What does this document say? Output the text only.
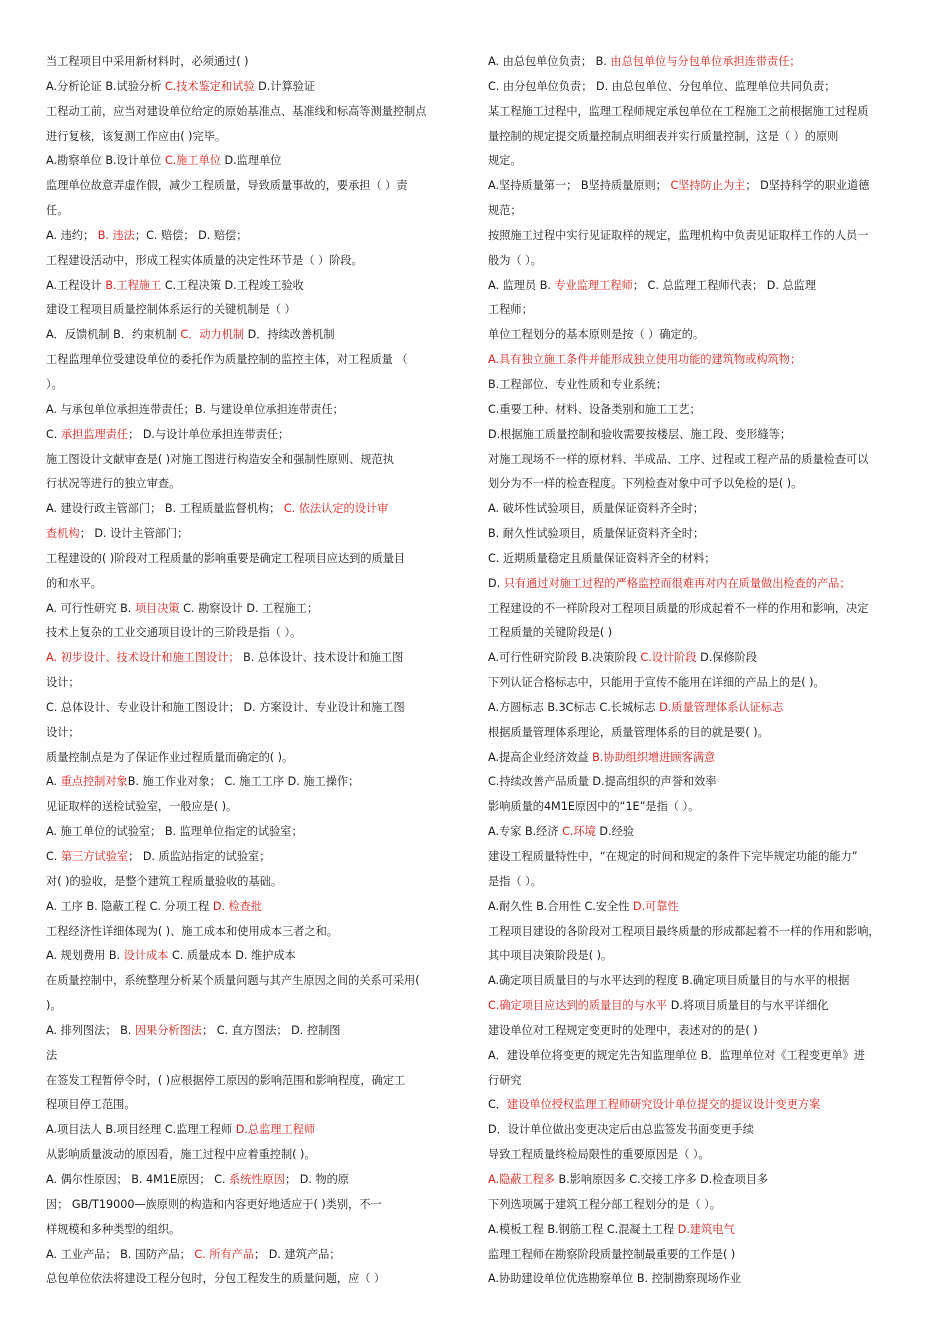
当工程项目中采用新材料时，必须通过( )
A.分析论证 B.试验分析 C.技术鉴定和试验 D.计算验证
工程动工前，应当对建设单位给定的原始基准点、基准线和标高等测量控制点
进行复核，该复测工作应由( )完毕。
A.勘察单位 B.设计单位 C.施工单位 D.监理单位
监理单位故意弄虚作假，减少工程质量，导致质量事故的，要承担（ ）责
任。
A. 违约； B. 违法；C. 赔偿； D. 赔偿；
工程建设活动中，形成工程实体质量的决定性环节是（ ）阶段。
A.工程设计 B.工程施工 C.工程决策 D.工程竣工验收
建设工程项目质量控制体系运行的关键机制是（ ）
A．反馈机制 B．约束机制 C．动力机制 D．持续改善机制
工程监理单位受建设单位的委托作为质量控制的监控主体，对工程质量 （
）。
A. 与承包单位承担连带责任；B. 与建设单位承担连带责任；
C. 承担监理责任； D.与设计单位承担连带责任；
施工图设计文献审查是( )对施工图进行构造安全和强制性原则、规范执
行状况等进行的独立审查。
A. 建设行政主管部门； B. 工程质量监督机构； C. 依法认定的设计审
查机构； D. 设计主管部门；
工程建设的( )阶段对工程质量的影响重要是确定工程项目应达到的质量目
的和水平。
A. 可行性研究 B. 项目决策 C. 勘察设计 D. 工程施工；
技术上复杂的工业交通项目设计的三阶段是指（ ）。
A. 初步设计、技术设计和施工图设计； B. 总体设计、技术设计和施工图
设计；
C. 总体设计、专业设计和施工图设计； D. 方案设计、专业设计和施工图
设计；
质量控制点是为了保证作业过程质量而确定的( )。
A. 重点控制对象B. 施工作业对象； C. 施工工序 D. 施工操作；
见证取样的送检试验室，一般应是( )。
A. 施工单位的试验室； B. 监理单位指定的试验室；
C. 第三方试验室； D. 质监站指定的试验室；
对( )的验收，是整个建筑工程质量验收的基础。
A. 工序 B. 隐蔽工程 C. 分项工程 D. 检查批
工程经济性详细体现为( )、施工成本和使用成本三者之和。
A. 规划费用 B. 设计成本 C. 质量成本 D. 维护成本
在质量控制中，系统整理分析某个质量问题与其产生原因之间的关系可采用(
)。
A. 排列图法； B. 因果分析图法； C. 直方图法； D. 控制图
法
在签发工程暂停令时，( )应根据停工原因的影响范围和影响程度，确定工
程项目停工范围。
A.项目法人 B.项目经理 C.监理工程师 D.总监理工程师
从影响质量波动的原因看，施工过程中应着重控制( )。
A. 偶尔性原因； B. 4M1E原因； C. 系统性原因； D. 物的原
因； GB/T19000—族原则的构造和内容更好地适应于( )类别，不一
样规模和多种类型的组织。
A. 工业产品； B. 国防产品； C. 所有产品； D. 建筑产品；
总包单位依法将建设工程分包时，分包工程发生的质量问题，应（ ）
A. 由总包单位负责； B. 由总包单位与分包单位承担连带责任；
C. 由分包单位负责； D. 由总包单位、分包单位、监理单位共同负责；
某工程施工过程中，监理工程师规定承包单位在工程施工之前根据施工过程质
量控制的规定提交质量控制点明细表并实行质量控制，这是（ ）的原则
规定。
A.坚持质量第一； B坚持质量原则； C坚持防止为主； D坚持科学的职业道德
规范；
按照施工过程中实行见证取样的规定，监理机构中负责见证取样工作的人员一
般为（ ）。
A. 监理员 B. 专业监理工程师； C. 总监理工程师代表； D. 总监理
工程师；
单位工程划分的基本原则是按（ ）确定的。
A.具有独立施工条件并能形成独立使用功能的建筑物或构筑物；
B.工程部位、专业性质和专业系统；
C.重要工种、材料、设备类别和施工工艺；
D.根据施工质量控制和验收需要按楼层、施工段、变形缝等；
对施工现场不一样的原材料、半成品、工序、过程或工程产品的质量检查可以
划分为不一样的检查程度。下列检查对象中可予以免检的是( )。
A. 破坏性试验项目，质量保证资料齐全时；
B. 耐久性试验项目，质量保证资料齐全时；
C. 近期质量稳定且质量保证资料齐全的材料；
D. 只有通过对施工过程的严格监控而很难再对内在质量做出检查的产品；
工程建设的不一样阶段对工程项目质量的形成起着不一样的作用和影响，决定
工程质量的关键阶段是( )
A.可行性研究阶段 B.决策阶段 C.设计阶段 D.保修阶段
下列认证合格标志中，只能用于宣传不能用在详细的产品上的是( )。
A.方圆标志 B.3C标志 C.长城标志 D.质量管理体系认证标志
根据质量管理体系理论，质量管理体系的目的就是要( )。
A.提高企业经济效益 B.协助组织增进顾客满意
C.持续改善产品质量 D.提高组织的声誉和效率
影响质量的4M1E原因中的“1E”是指（ ）。
A.专家 B.经济 C.环境 D.经验
建设工程质量特性中，“在规定的时间和规定的条件下完毕规定功能的能力”
是指（ ）。
A.耐久性 B.合用性 C.安全性 D.可靠性
工程项目建设的各阶段对工程项目最终质量的形成都起着不一样的作用和影响，
其中项目决策阶段是( )。
A.确定项目质量目的与水平达到的程度 B.确定项目质量目的与水平的根据
C.确定项目应达到的质量目的与水平 D.将项目质量目的与水平详细化
建设单位对工程规定变更时的处理中，表述对的的是( )
A．建设单位将变更的规定先告知监理单位 B．监理单位对《工程变更单》进
行研究
C．建设单位授权监理工程师研究设计单位提交的提议设计变更方案
D．设计单位做出变更决定后由总监签发书面变更手续
导致工程质量终检局限性的重要原因是（ ）。
A.隐蔽工程多 B.影响原因多 C.交接工序多 D.检查项目多
下列选项属于建筑工程分部工程划分的是（ ）。
A.模板工程 B.钢筋工程 C.混凝土工程 D.建筑电气
监理工程师在勘察阶段质量控制最重要的工作是( )
A.协助建设单位优选勘察单位 B. 控制勘察现场作业
